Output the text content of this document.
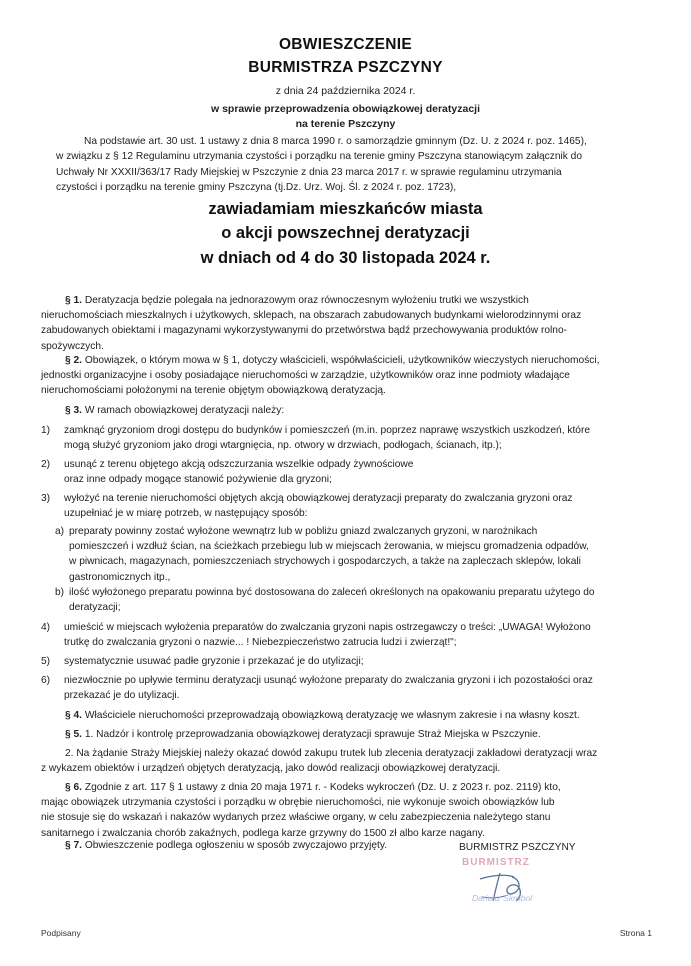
OBWIESZCZENIE
BURMISTRZA PSZCZYNY
z dnia 24 października 2024 r.
w sprawie przeprowadzenia obowiązkowej deratyzacji
na terenie Pszczyny
Na podstawie art. 30 ust. 1 ustawy z dnia 8 marca 1990 r. o samorządzie gminnym (Dz. U. z 2024 r. poz. 1465),
w związku z § 12 Regulaminu utrzymania czystości i porządku na terenie gminy Pszczyna stanowiącym załącznik do
Uchwały Nr XXXII/363/17 Rady Miejskiej w Pszczynie z dnia 23 marca 2017 r. w sprawie regulaminu utrzymania
czystości i porządku na terenie gminy Pszczyna (tj.Dz. Urz. Woj. Śl. z 2024 r. poz. 1723),
zawiadamiam mieszkańców miasta
o akcji powszechnej deratyzacji
w dniach od 4 do 30 listopada 2024 r.
§ 1. Deratyzacja będzie polegała na jednorazowym oraz równoczesnym wyłożeniu trutki we wszystkich
nieruchomościach mieszkalnych i użytkowych, sklepach, na obszarach zabudowanych budynkami wielorodzinnymi oraz
zabudowanych obiektami i magazynami wykorzystywanymi do przetwórstwa bądź przechowywania produktów rolno-
spożywczych.
§ 2. Obowiązek, o którym mowa w § 1, dotyczy właścicieli, współwłaścicieli, użytkowników wieczystych nieruchomości,
jednostki organizacyjne i osoby posiadające nieruchomości w zarządzie, użytkowników oraz inne podmioty władające
nieruchomościami położonymi na terenie objętym obowiązkową deratyzacją.
§ 3. W ramach obowiązkowej deratyzacji należy:
1)	zamknąć gryzoniom drogi dostępu do budynków i pomieszczeń (m.in. poprzez naprawę wszystkich uszkodzeń, które
mogą służyć gryzoniom jako drogi wtargnięcia, np. otwory w drzwiach, podłogach, ścianach, itp.);
2)	usunąć z terenu objętego akcją odszczurzania wszelkie odpady żywnościowe
oraz inne odpady mogące stanowić pożywienie dla gryzoni;
3)	wyłożyć na terenie nieruchomości objętych akcją obowiązkowej deratyzacji preparaty do zwalczania gryzoni oraz
uzupełniać je w miarę potrzeb, w następujący sposób:
a) preparaty powinny zostać wyłożone wewnątrz lub w pobliżu gniazd zwalczanych gryzoni, w narożnikach
pomieszczeń i wzdłuż ścian, na ścieżkach przebiegu lub w miejscach żerowania, w miejscu gromadzenia odpadów,
w piwnicach, magazynach, pomieszczeniach strychowych i gospodarczych, a także na zapleczach sklepów, lokali
gastronomicznych itp.,
b) ilość wyłożonego preparatu powinna być dostosowana do zaleceń określonych na opakowaniu preparatu użytego do
deratyzacji;
4)	umieścić w miejscach wyłożenia preparatów do zwalczania gryzoni napis ostrzegawczy o treści: „UWAGA! Wyłożono
trutkę do zwalczania gryzoni o nazwie... ! Niebezpieczeństwo zatrucia ludzi i zwierząt!";
5)	systematycznie usuwać padłe gryzonie i przekazać je do utylizacji;
6)	niezwłocznie po upływie terminu deratyzacji usunąć wyłożone preparaty do zwalczania gryzoni i ich pozostałości oraz
przekazać je do utylizacji.
§ 4. Właściciele nieruchomości przeprowadzają obowiązkową deratyzację we własnym zakresie i na własny koszt.
§ 5. 1. Nadzór i kontrolę przeprowadzania obowiązkowej deratyzacji sprawuje Straż Miejska w Pszczynie.
2. Na żądanie Straży Miejskiej należy okazać dowód zakupu trutek lub zlecenia deratyzacji zakładowi deratyzacji wraz
z wykazem obiektów i urządzeń objętych deratyzacją, jako dowód realizacji obowiązkowej deratyzacji.
§ 6. Zgodnie z art. 117 § 1 ustawy z dnia 20 maja 1971 r. - Kodeks wykroczeń (Dz. U. z 2023 r. poz. 2119) kto,
mając obowiązek utrzymania czystości i porządku w obrębie nieruchomości, nie wykonuje swoich obowiązków lub
nie stosuje się do wskazań i nakazów wydanych przez właściwe organy, w celu zabezpieczenia należytego stanu
sanitarnego i zwalczania chorób zakaźnych, podlega karze grzywny do 1500 zł albo karze nagany.
§ 7. Obwieszczenie podlega ogłoszeniu w sposób zwyczajowo przyjęty.	BURMISTRZ PSZCZYNY
BURMISTRZ
Dariusz Skrobol
Podpisany	Strona 1
